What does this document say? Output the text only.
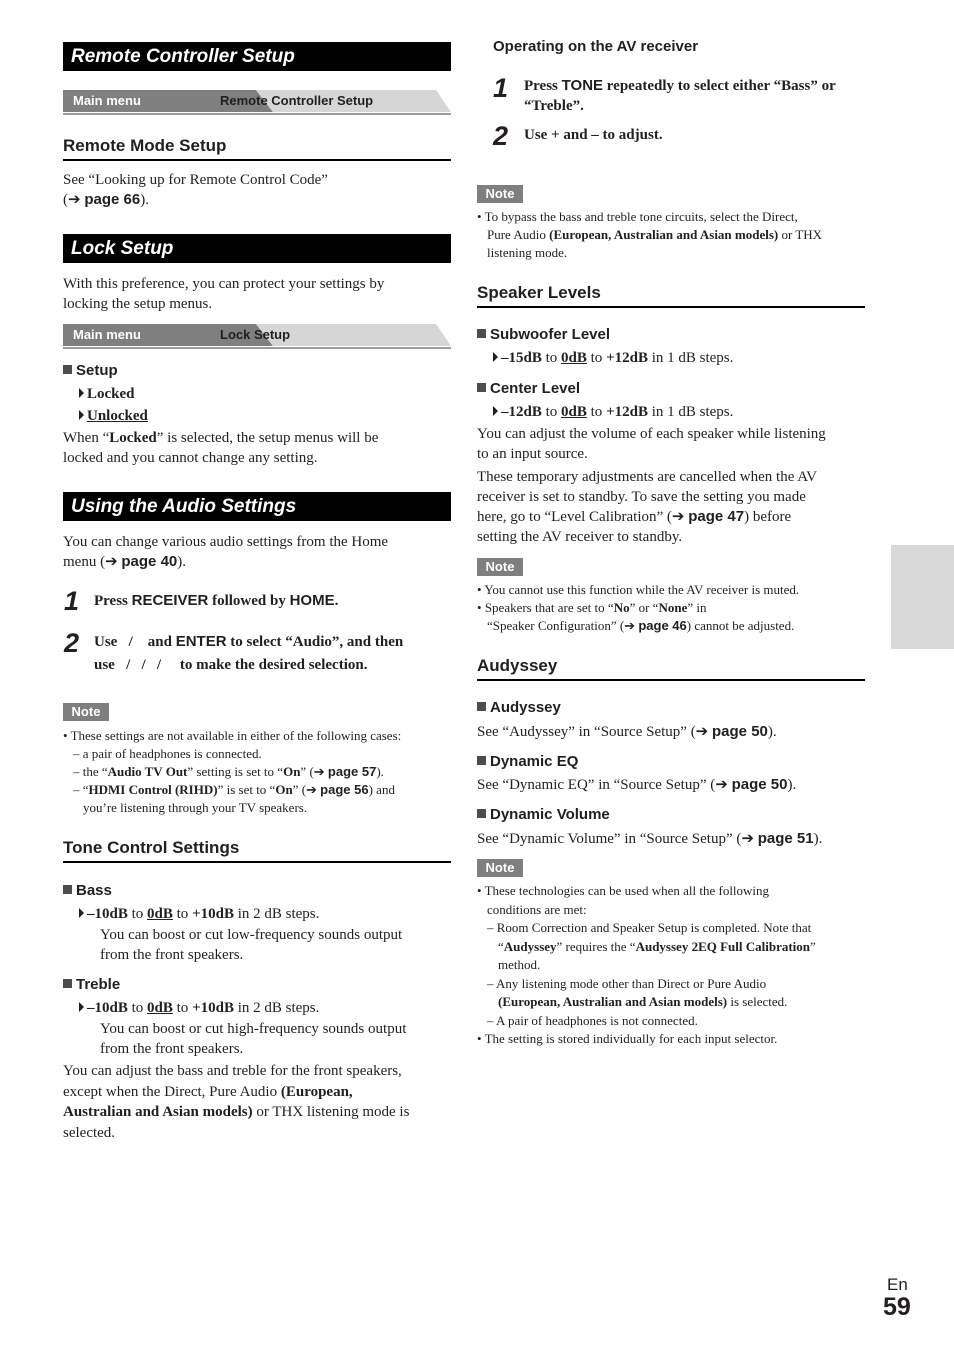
Remote Controller Setup
Main menu	Remote Controller Setup
Remote Mode Setup
See “Looking up for Remote Control Code”
(➔ page 66).
Lock Setup
With this preference, you can protect your settings by
locking the setup menus.
Main menu	Lock Setup
Setup
Locked
Unlocked
When “Locked” is selected, the setup menus will be
locked and you cannot change any setting.
Using the Audio Settings
You can change various audio settings from the Home
menu (➔ page 40).
1 Press RECEIVER followed by HOME.
2 Use   /    and ENTER to select “Audio”, and then
use   /   /   /     to make the desired selection.
Note
• These settings are not available in either of the following cases:
– a pair of headphones is connected.
– the “Audio TV Out” setting is set to “On” (➔ page 57).
– “HDMI Control (RIHD)” is set to “On” (➔ page 56) and
you’re listening through your TV speakers.
Tone Control Settings
Bass
–10dB to 0dB to +10dB in 2 dB steps.
You can boost or cut low-frequency sounds output
from the front speakers.
Treble
–10dB to 0dB to +10dB in 2 dB steps.
You can boost or cut high-frequency sounds output
from the front speakers.
You can adjust the bass and treble for the front speakers,
except when the Direct, Pure Audio (European,
Australian and Asian models) or THX listening mode is
selected.
Operating on the AV receiver
1 Press TONE repeatedly to select either “Bass” or
“Treble”.
2 Use + and – to adjust.
Note
• To bypass the bass and treble tone circuits, select the Direct,
Pure Audio (European, Australian and Asian models) or THX
listening mode.
Speaker Levels
Subwoofer Level
–15dB to 0dB to +12dB in 1 dB steps.
Center Level
–12dB to 0dB to +12dB in 1 dB steps.
You can adjust the volume of each speaker while listening
to an input source.
These temporary adjustments are cancelled when the AV
receiver is set to standby. To save the setting you made
here, go to “Level Calibration” (➔ page 47) before
setting the AV receiver to standby.
Note
• You cannot use this function while the AV receiver is muted.
• Speakers that are set to “No” or “None” in
“Speaker Configuration” (➔ page 46) cannot be adjusted.
Audyssey
Audyssey
See “Audyssey” in “Source Setup” (➔ page 50).
Dynamic EQ
See “Dynamic EQ” in “Source Setup” (➔ page 50).
Dynamic Volume
See “Dynamic Volume” in “Source Setup” (➔ page 51).
Note
• These technologies can be used when all the following
conditions are met:
– Room Correction and Speaker Setup is completed. Note that
“Audyssey” requires the “Audyssey 2EQ Full Calibration”
method.
– Any listening mode other than Direct or Pure Audio
(European, Australian and Asian models) is selected.
– A pair of headphones is not connected.
• The setting is stored individually for each input selector.
En
59
